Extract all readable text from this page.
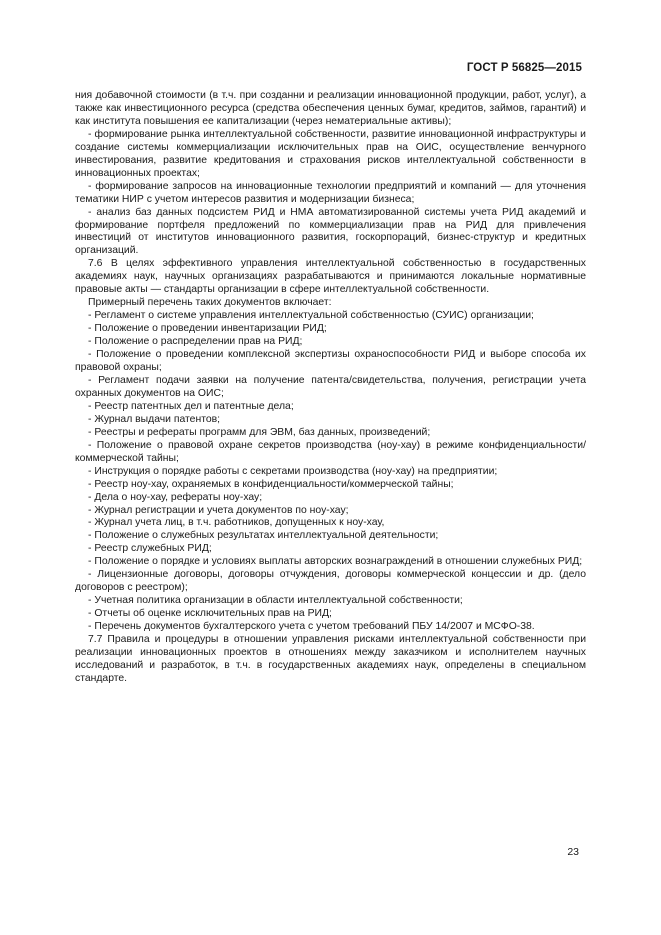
ГОСТ Р 56825—2015

ния добавочной стоимости (в т.ч. при созданни и реализации инновационной продукции, работ, услуг), а также как инвестиционного ресурса (средства обеспечения ценных бумаг, кредитов, займов, гарантий) и как института повышения ее капитализации (через нематериальные активы);

- формирование рынка интеллектуальной собственности, развитие инновационной инфраструктуры и создание системы коммерциализации исключительных прав на ОИС, осуществление венчурного инвестирования, развитие кредитования и страхования рисков интеллектуальной собственности в инновационных проектах;

- формирование запросов на инновационные технологии предприятий и компаний — для уточнения тематики НИР с учетом интересов развития и модернизации бизнеса;

- анализ баз данных подсистем РИД и НМА автоматизированной системы учета РИД академий и формирование портфеля предложений по коммерциализации прав на РИД для привлечения инвестиций от институтов инновационного развития, госкорпораций, бизнес-структур и кредитных организаций.

7.6 В целях эффективного управления интеллектуальной собственностью в государственных академиях наук, научных организациях разрабатываются и принимаются локальные нормативные правовые акты — стандарты организации в сфере интеллектуальной собственности.

Примерный перечень таких документов включает:

- Регламент о системе управления интеллектуальной собственностью (СУИС) организации;

- Положение о проведении инвентаризации РИД;

- Положение о распределении прав на РИД;

- Положение о проведении комплексной экспертизы охраноспособности РИД и выборе способа их правовой охраны;

- Регламент подачи заявки на получение патента/свидетельства, получения, регистрации учета охранных документов на ОИС;

- Реестр патентных дел и патентные дела;

- Журнал выдачи патентов;

- Реестры и рефераты программ для ЭВМ, баз данных, произведений;

- Положение о правовой охране секретов производства (ноу-хау) в режиме конфиденциальности/коммерческой тайны;

- Инструкция о порядке работы с секретами производства (ноу-хау) на предприятии;

- Реестр ноу-хау, охраняемых в конфиденциальности/коммерческой тайны;

- Дела о ноу-хау, рефераты ноу-хау;

- Журнал регистрации и учета документов по ноу-хау;

- Журнал учета лиц, в т.ч. работников, допущенных к ноу-хау,

- Положение о служебных результатах интеллектуальной деятельности;

- Реестр служебных РИД;

- Положение о порядке и условиях выплаты авторских вознаграждений в отношении служебных РИД;

- Лицензионные договоры, договоры отчуждения, договоры коммерческой концессии и др. (дело договоров с реестром);

- Учетная политика организации в области интеллектуальной собственности;

- Отчеты об оценке исключительных прав на РИД;

- Перечень документов бухгалтерского учета с учетом требований ПБУ 14/2007 и МСФО-38.

7.7 Правила и процедуры в отношении управления рисками интеллектуальной собственности при реализации инновационных проектов в отношениях между заказчиком и исполнителем научных исследований и разработок, в т.ч. в государственных академиях наук, определены в специальном стандарте.

23
